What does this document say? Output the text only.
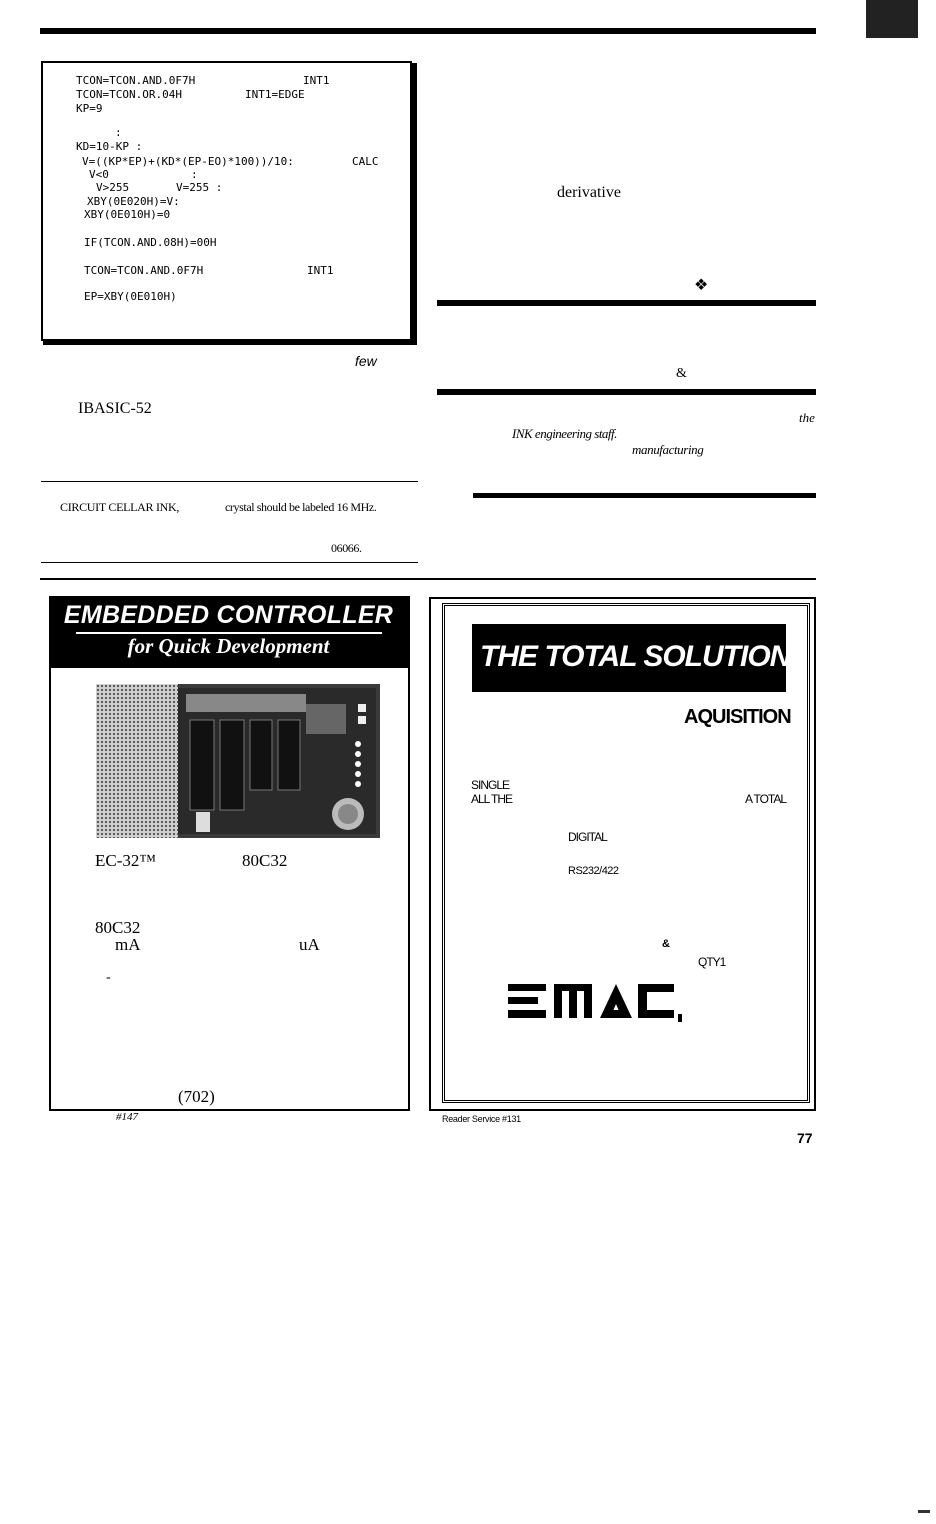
TCON=TCON.AND.0F7H	INT1
TCON=TCON.OR.04H	INT1=EDGE
KP=9
:
KD=10-KP :
V=((KP*EP)+(KD*(EP-EO)*100))/10:	CALC
V<0	:
V>255	V=255 :
XBY(0E020H)=V:
XBY(0E010H)=0
IF(TCON.AND.08H)=00H
TCON=TCON.AND.0F7H	INT1
EP=XBY(0E010H)
few
IBASIC-52
CIRCUIT CELLAR INK,	crystal should be labeled 16 MHz.
06066.
derivative
❖
&
the
INK engineering staff.
manufacturing
EMBEDDED CONTROLLER
for Quick Development
EC-32™	80C32
80C32
mA	uA
-
(702)
#147
THE TOTAL SOLUTION
AQUISITION
SINGLE
ALL THE	A TOTAL
DIGITAL
RS232/422
&
QTY1
Reader Service #131
77
